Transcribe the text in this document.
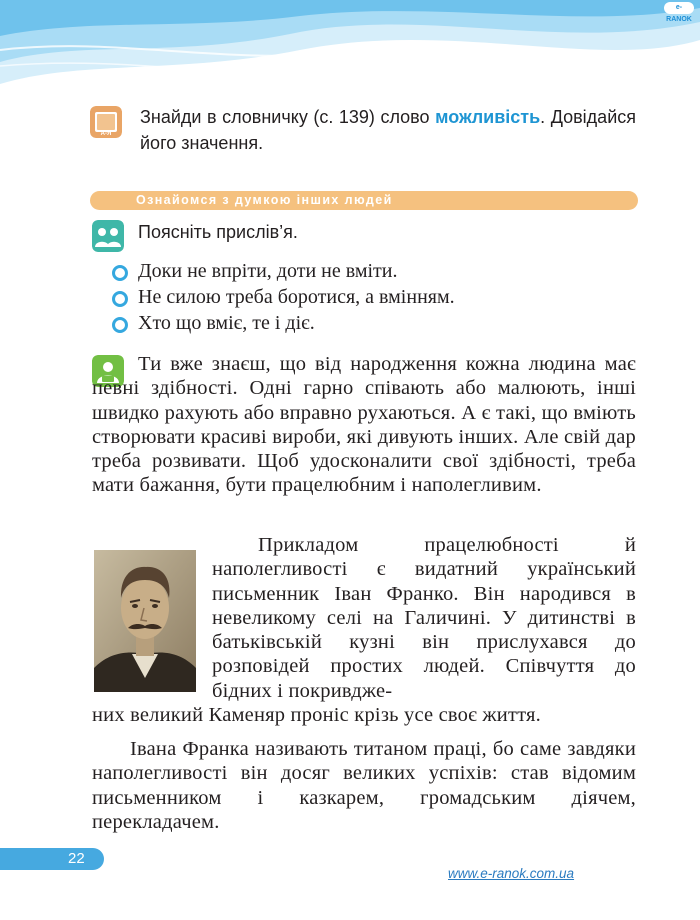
e-RANOK
А-Я
Знайди в словничку (с. 139) слово можливість. Довідайся його значення.
Ознайомся з думкою інших людей
Поясніть прислів’я.
Доки не впріти, доти не вміти.
Не силою треба боротися, а вмінням.
Хто що вміє, те і діє.
Ти вже знаєш, що від народження кожна людина має певні здібності. Одні гарно співають або малюють, інші швидко рахують або вправно рухаються. А є такі, що вміють створювати красиві вироби, які дивують інших. Але свій дар треба розвивати. Щоб удосконалити свої здібності, треба мати бажання, бути працелюбним і наполегливим.
Прикладом працелюбності й наполегливості є видатний український письменник Іван Франко. Він народився в невеликому селі на Галичині. У дитинстві в батьківській кузні він прислухався до розповідей простих людей. Співчуття до бідних і покривдже-
них великий Каменяр проніс крізь усе своє життя.
Івана Франка називають титаном праці, бо саме завдяки наполегливості він досяг великих успіхів: став відомим письменником і казкарем, громадським діячем, перекладачем.
22
www.e-ranok.com.ua
